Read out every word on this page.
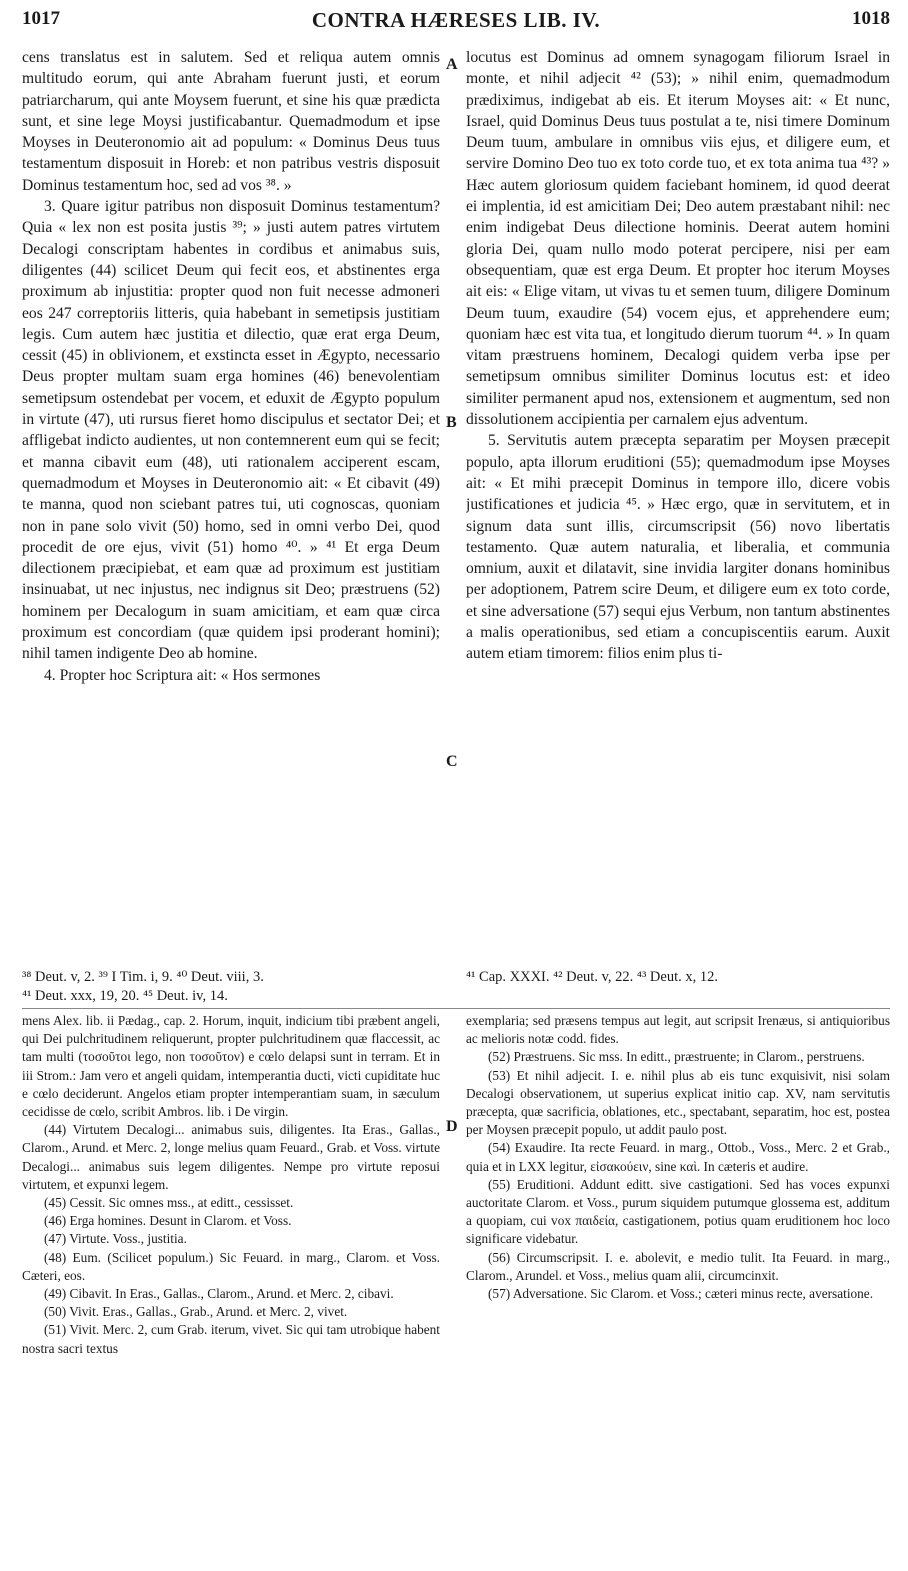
1017	CONTRA HÆRESES LIB. IV.	1018
A
B
C
D

cens translatus est in salutem. Sed et reliqua autem omnis multitudo eorum, qui ante Abraham fuerunt justi, et eorum patriarcharum, qui ante Moysem fuerunt, et sine his quæ prædicta sunt, et sine lege Moysi justificabantur. Quemadmodum et ipse Moyses in Deuteronomio ait ad populum: « Dominus Deus tuus testamentum disposuit in Horeb: et non patribus vestris disposuit Dominus testamentum hoc, sed ad vos ³⁸. »

3. Quare igitur patribus non disposuit Dominus testamentum? Quia « lex non est posita justis ³⁹; » justi autem patres virtutem Decalogi conscriptam habentes in cordibus et animabus suis, diligentes (44) scilicet Deum qui fecit eos, et abstinentes erga proximum ab injustitia: propter quod non fuit necesse admoneri eos 247 correptoriis litteris, quia habebant in semetipsis justitiam legis. Cum autem hæc justitia et dilectio, quæ erat erga Deum, cessit (45) in oblivionem, et exstincta esset in Ægypto, necessario Deus propter multam suam erga homines (46) benevolentiam semetipsum ostendebat per vocem, et eduxit de Ægypto populum in virtute (47), uti rursus fieret homo discipulus et sectator Dei; et affligebat indicto audientes, ut non contemnerent eum qui se fecit; et manna cibavit eum (48), uti rationalem acciperent escam, quemadmodum et Moyses in Deuteronomio ait: « Et cibavit (49) te manna, quod non sciebant patres tui, uti cognoscas, quoniam non in pane solo vivit (50) homo, sed in omni verbo Dei, quod procedit de ore ejus, vivit (51) homo ⁴⁰. » ⁴¹ Et erga Deum dilectionem præcipiebat, et eam quæ ad proximum est justitiam insinuabat, ut nec injustus, nec indignus sit Deo; præstruens (52) hominem per Decalogum in suam amicitiam, et eam quæ circa proximum est concordiam (quæ quidem ipsi proderant homini); nihil tamen indigente Deo ab homine.

4. Propter hoc Scriptura ait: « Hos sermones

locutus est Dominus ad omnem synagogam filiorum Israel in monte, et nihil adjecit ⁴² (53); » nihil enim, quemadmodum prædiximus, indigebat ab eis. Et iterum Moyses ait: « Et nunc, Israel, quid Dominus Deus tuus postulat a te, nisi timere Dominum Deum tuum, ambulare in omnibus viis ejus, et diligere eum, et servire Domino Deo tuo ex toto corde tuo, et ex tota anima tua ⁴³? » Hæc autem gloriosum quidem faciebant hominem, id quod deerat ei implentia, id est amicitiam Dei; Deo autem præstabant nihil: nec enim indigebat Deus dilectione hominis. Deerat autem homini gloria Dei, quam nullo modo poterat percipere, nisi per eam obsequentiam, quæ est erga Deum. Et propter hoc iterum Moyses ait eis: « Elige vitam, ut vivas tu et semen tuum, diligere Dominum Deum tuum, exaudire (54) vocem ejus, et apprehendere eum; quoniam hæc est vita tua, et longitudo dierum tuorum ⁴⁴. » In quam vitam præstruens hominem, Decalogi quidem verba ipse per semetipsum omnibus similiter Dominus locutus est: et ideo similiter permanent apud nos, extensionem et augmentum, sed non dissolutionem accipientia per carnalem ejus adventum.

5. Servitutis autem præcepta separatim per Moysen præcepit populo, apta illorum eruditioni (55); quemadmodum ipse Moyses ait: « Et mihi præcepit Dominus in tempore illo, dicere vobis justificationes et judicia ⁴⁵. » Hæc ergo, quæ in servitutem, et in signum data sunt illis, circumscripsit (56) novo libertatis testamento. Quæ autem naturalia, et liberalia, et communia omnium, auxit et dilatavit, sine invidia largiter donans hominibus per adoptionem, Patrem scire Deum, et diligere eum ex toto corde, et sine adversatione (57) sequi ejus Verbum, non tantum abstinentes a malis operationibus, sed etiam a concupiscentiis earum. Auxit autem etiam timorem: filios enim plus ti-

³⁸ Deut. v, 2. ³⁹ I Tim. i, 9. ⁴⁰ Deut. viii, 3.
⁴¹ Deut. xxx, 19, 20. ⁴⁵ Deut. iv, 14.
⁴¹ Cap. XXXI. ⁴² Deut. v, 22. ⁴³ Deut. x, 12.

mens Alex. lib. ii Pædag., cap. 2. Horum, inquit, indicium tibi præbent angeli, qui Dei pulchritudinem reliquerunt, propter pulchritudinem quæ flaccessit, ac tam multi (τοσοῦτοι lego, non τοσοῦτον) e cœlo delapsi sunt in terram. Et in iii Strom.: Jam vero et angeli quidam, intemperantia ducti, victi cupiditate huc e cœlo deciderunt. Angelos etiam propter intemperantiam suam, in sæculum cecidisse de cœlo, scribit Ambros. lib. i De virgin.

(44) Virtutem Decalogi... animabus suis, diligentes. Ita Eras., Gallas., Clarom., Arund. et Merc. 2, longe melius quam Feuard., Grab. et Voss. virtute Decalogi... animabus suis legem diligentes. Nempe pro virtute reposui virtutem, et expunxi legem.

(45) Cessit. Sic omnes mss., at editt., cessisset.

(46) Erga homines. Desunt in Clarom. et Voss.

(47) Virtute. Voss., justitia.

(48) Eum. (Scilicet populum.) Sic Feuard. in marg., Clarom. et Voss. Cæteri, eos.

(49) Cibavit. In Eras., Gallas., Clarom., Arund. et Merc. 2, cibavi.

(50) Vivit. Eras., Gallas., Grab., Arund. et Merc. 2, vivet.

(51) Vivit. Merc. 2, cum Grab. iterum, vivet. Sic qui tam utrobique habent nostra sacri textus

exemplaria; sed præsens tempus aut legit, aut scripsit Irenæus, si antiquioribus ac melioris notæ codd. fides.

(52) Præstruens. Sic mss. In editt., præstruente; in Clarom., perstruens.

(53) Et nihil adjecit. I. e. nihil plus ab eis tunc exquisivit, nisi solam Decalogi observationem, ut superius explicat initio cap. XV, nam servitutis præcepta, quæ sacrificia, oblationes, etc., spectabant, separatim, hoc est, postea per Moysen præcepit populo, ut addit paulo post.

(54) Exaudire. Ita recte Feuard. in marg., Ottob., Voss., Merc. 2 et Grab., quia et in LXX legitur, εἰσακούειν, sine καὶ. In cæteris et audire.

(55) Eruditioni. Addunt editt. sive castigationi. Sed has voces expunxi auctoritate Clarom. et Voss., purum siquidem putumque glossema est, additum a quopiam, cui vox παιδεία, castigationem, potius quam eruditionem hoc loco significare videbatur.

(56) Circumscripsit. I. e. abolevit, e medio tulit. Ita Feuard. in marg., Clarom., Arundel. et Voss., melius quam alii, circumcinxit.

(57) Adversatione. Sic Clarom. et Voss.; cæteri minus recte, aversatione.
